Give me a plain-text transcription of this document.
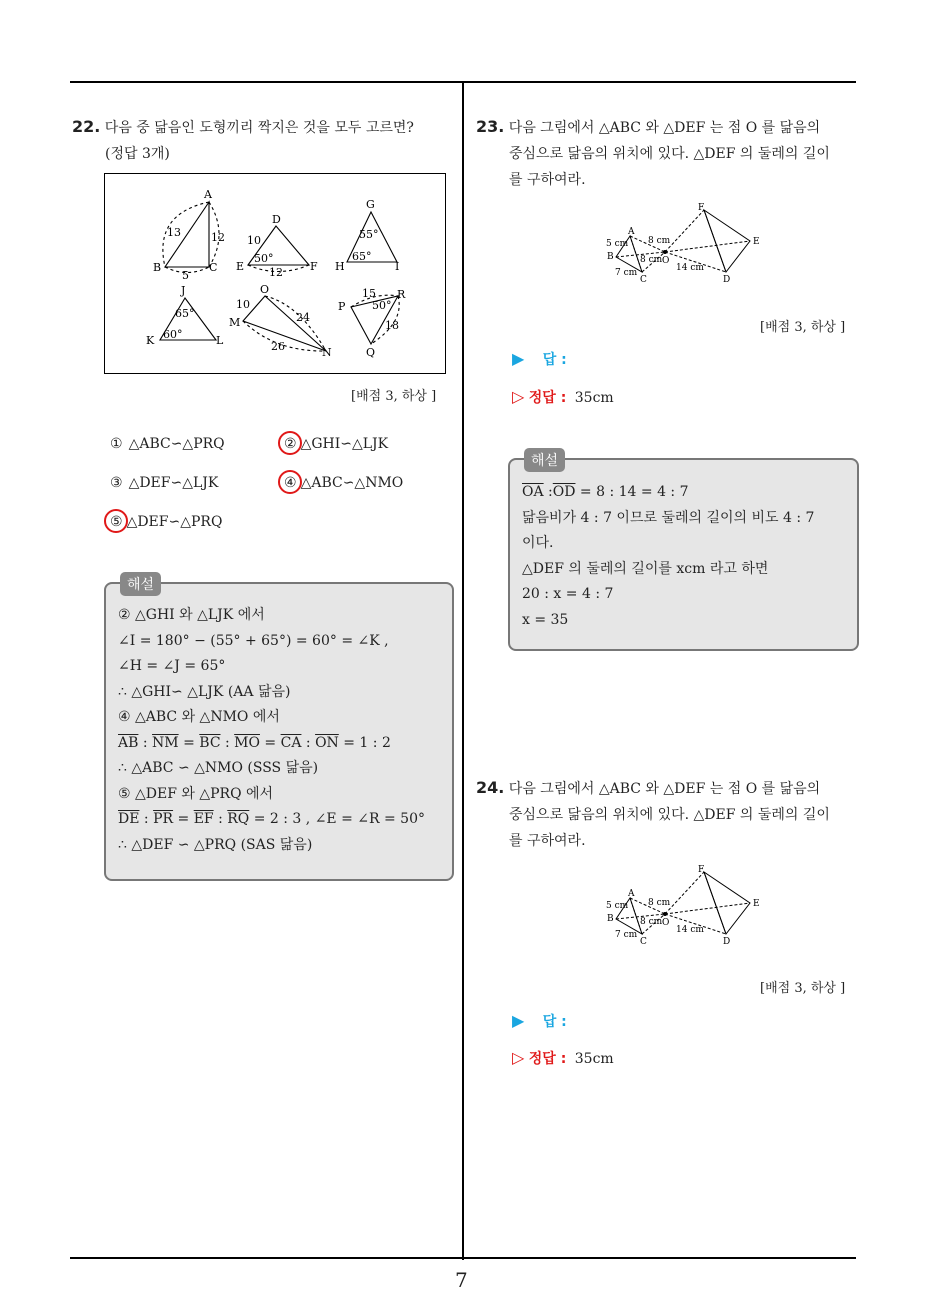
22. 다음 중 닮음인 도형끼리 짝지은 것을 모두 고르면?
(정답 3개)
A
B	C
13	12
5
D
E	F
10
12
50°
G
H	I
55°
65°
J
K	L
65°
60°
O
M
N
10
24
26
P
Q
R
15
18
50°
[배점 3, 하상 ]
① △ABC∽△PRQ	② △GHI∽△LJK
③ △DEF∽△LJK	④ △ABC∽△NMO
⑤ △DEF∽△PRQ
해설
② △GHI 와 △LJK 에서
∠I = 180° − (55° + 65°) = 60° = ∠K ,
∠H = ∠J = 65°
∴ △GHI∽ △LJK (AA 닮음)
④ △ABC 와 △NMO 에서
$\overline{AB}$ : $\overline{NM} = \overline{BC}$ : $\overline{MO} = \overline{CA}$ : $\overline{ON} = 1$ : 2
∴ △ABC ∽ △NMO (SSS 닮음)
⑤ △DEF 와 △PRQ 에서
$\overline{DE}$ : $\overline{PR} = \overline{EF}$ : $\overline{RQ} = 2$ : 3 , ∠E = ∠R = 50°
∴ △DEF ∽ △PRQ (SAS 닮음)
23. 다음 그림에서 △ABC 와 △DEF 는 점 O 를 닮음의
중심으로 닮음의 위치에 있다. △DEF 의 둘레의 길이
를 구하여라.
A
B
C	D
E
F
O
5 cm
7 cm
8 cm
8 cm
14 cm
[배점 3, 하상 ]
▶ 답 :
▷ 정답 : 35cm
해설
$\overline{OA}$ $:\overline{OD} = 8$ : 14 = 4 : 7
닮음비가 4 : 7 이므로 둘레의 길이의 비도 4 : 7
이다.
△DEF 의 둘레의 길이를 xcm 라고 하면
20 : x = 4 : 7
x = 35
24. 다음 그림에서 △ABC 와 △DEF 는 점 O 를 닮음의
중심으로 닮음의 위치에 있다. △DEF 의 둘레의 길이
를 구하여라.
A
B
C	D
E
F
O
5 cm
7 cm
8 cm
8 cm
14 cm
[배점 3, 하상 ]
▶ 답 :
▷ 정답 : 35cm
7
